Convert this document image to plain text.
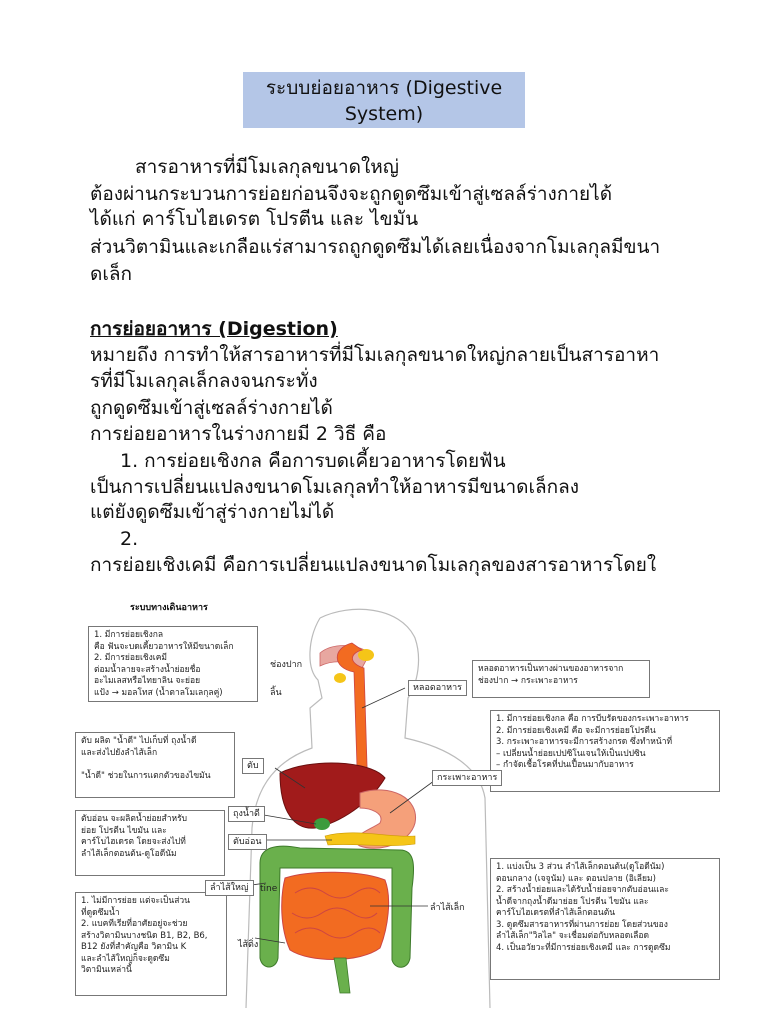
ระบบย่อยอาหาร (Digestive
System)
สารอาหารที่มีโมเลกุลขนาดใหญ่
ต้องผ่านกระบวนการย่อยก่อนจึงจะถูกดูดซึมเข้าสู่เซลล์ร่างกายได้
ได้แก่ คาร์โบไฮเดรต โปรตีน และ ไขมัน
ส่วนวิตามินและเกลือแร่สามารถถูกดูดซึมได้เลยเนื่องจากโมเลกุลมีขนา
ดเล็ก
การย่อยอาหาร (Digestion)
หมายถึง การทำให้สารอาหารที่มีโมเลกุลขนาดใหญ่กลายเป็นสารอาหา
รที่มีโมเลกุลเล็กลงจนกระทั่ง
ถูกดูดซึมเข้าสู่เซลล์ร่างกายได้
การย่อยอาหารในร่างกายมี 2 วิธี คือ
1. การย่อยเชิงกล คือการบดเคี้ยวอาหารโดยฟัน
เป็นการเปลี่ยนแปลงขนาดโมเลกุลทำให้อาหารมีขนาดเล็กลง
แต่ยังดูดซึมเข้าสู่ร่างกายไม่ได้
2.
การย่อยเชิงเคมี คือการเปลี่ยนแปลงขนาดโมเลกุลของสารอาหารโดยใ
ระบบทางเดินอาหาร
1. มีการย่อยเชิงกล
คือ ฟันจะบดเคี้ยวอาหารให้มีขนาดเล็ก
2. มีการย่อยเชิงเคมี
ต่อมน้ำลายจะสร้างน้ำย่อยชื่อ
อะไมเลสหรือไทยาลิน จะย่อย
แป้ง → มอลโทส (น้ำตาลโมเลกุลคู่)
หลอดอาหารเป็นทางผ่านของอาหารจาก
ช่องปาก → กระเพาะอาหาร
1. มีการย่อยเชิงกล คือ การบีบรัดของกระเพาะอาหาร
2. มีการย่อยเชิงเคมี คือ จะมีการย่อยโปรตีน
3. กระเพาะอาหารจะมีการสร้างกรด ซึ่งทำหน้าที่
– เปลี่ยนน้ำย่อยเปปซิโนเจนให้เป็นเปปซิน
– กำจัดเชื้อโรคที่ปนเปื้อนมากับอาหาร
ตับ ผลิต "น้ำดี" ไปเก็บที่ ถุงน้ำดี
และส่งไปยังลำไส้เล็ก

"น้ำดี" ช่วยในการแตกตัวของไขมัน
ตับอ่อน จะผลิตน้ำย่อยสำหรับ
ย่อย โปรตีน ไขมัน และ
คาร์โบไฮเดรต โดยจะส่งไปที่
ลำไส้เล็กตอนต้น-ดูโอดีนัม
1. ไม่มีการย่อย แต่จะเป็นส่วน
ที่ดูดซึมน้ำ
2. แบคทีเรียที่อาศัยอยู่จะช่วย
สร้างวิตามินบางชนิด B1, B2, B6,
B12 ยังที่สำคัญคือ วิตามิน K
และลำไส้ใหญ่ก็จะดูดซึม
วิตามินเหล่านี้
1. แบ่งเป็น 3 ส่วน ลำไส้เล็กตอนต้น(ดูโอดีนัม)
ตอนกลาง (เจจูนัม) และ ตอนปลาย (อิเลียม)
2. สร้างน้ำย่อยและได้รับน้ำย่อยจากตับอ่อนและ
น้ำดีจากถุงน้ำดีมาย่อย โปรตีน ไขมัน และ
คาร์โบไฮเดรตที่ลำไส้เล็กตอนต้น
3. ดูดซึมสารอาหารที่ผ่านการย่อย โดยส่วนของ
ลำไส้เล็ก"วิลไล" จะเชื่อมต่อกับหลอดเลือด
4. เป็นอวัยวะที่มีการย่อยเชิงเคมี และ การดูดซึม
ช่องปาก
ลิ้น	หลอดอาหาร
กระเพาะอาหาร
ตับ
ถุงน้ำดี
ตับอ่อน
ลำไส้ใหญ่	tine
ลำไส้เล็ก
ไส้ติ่ง
